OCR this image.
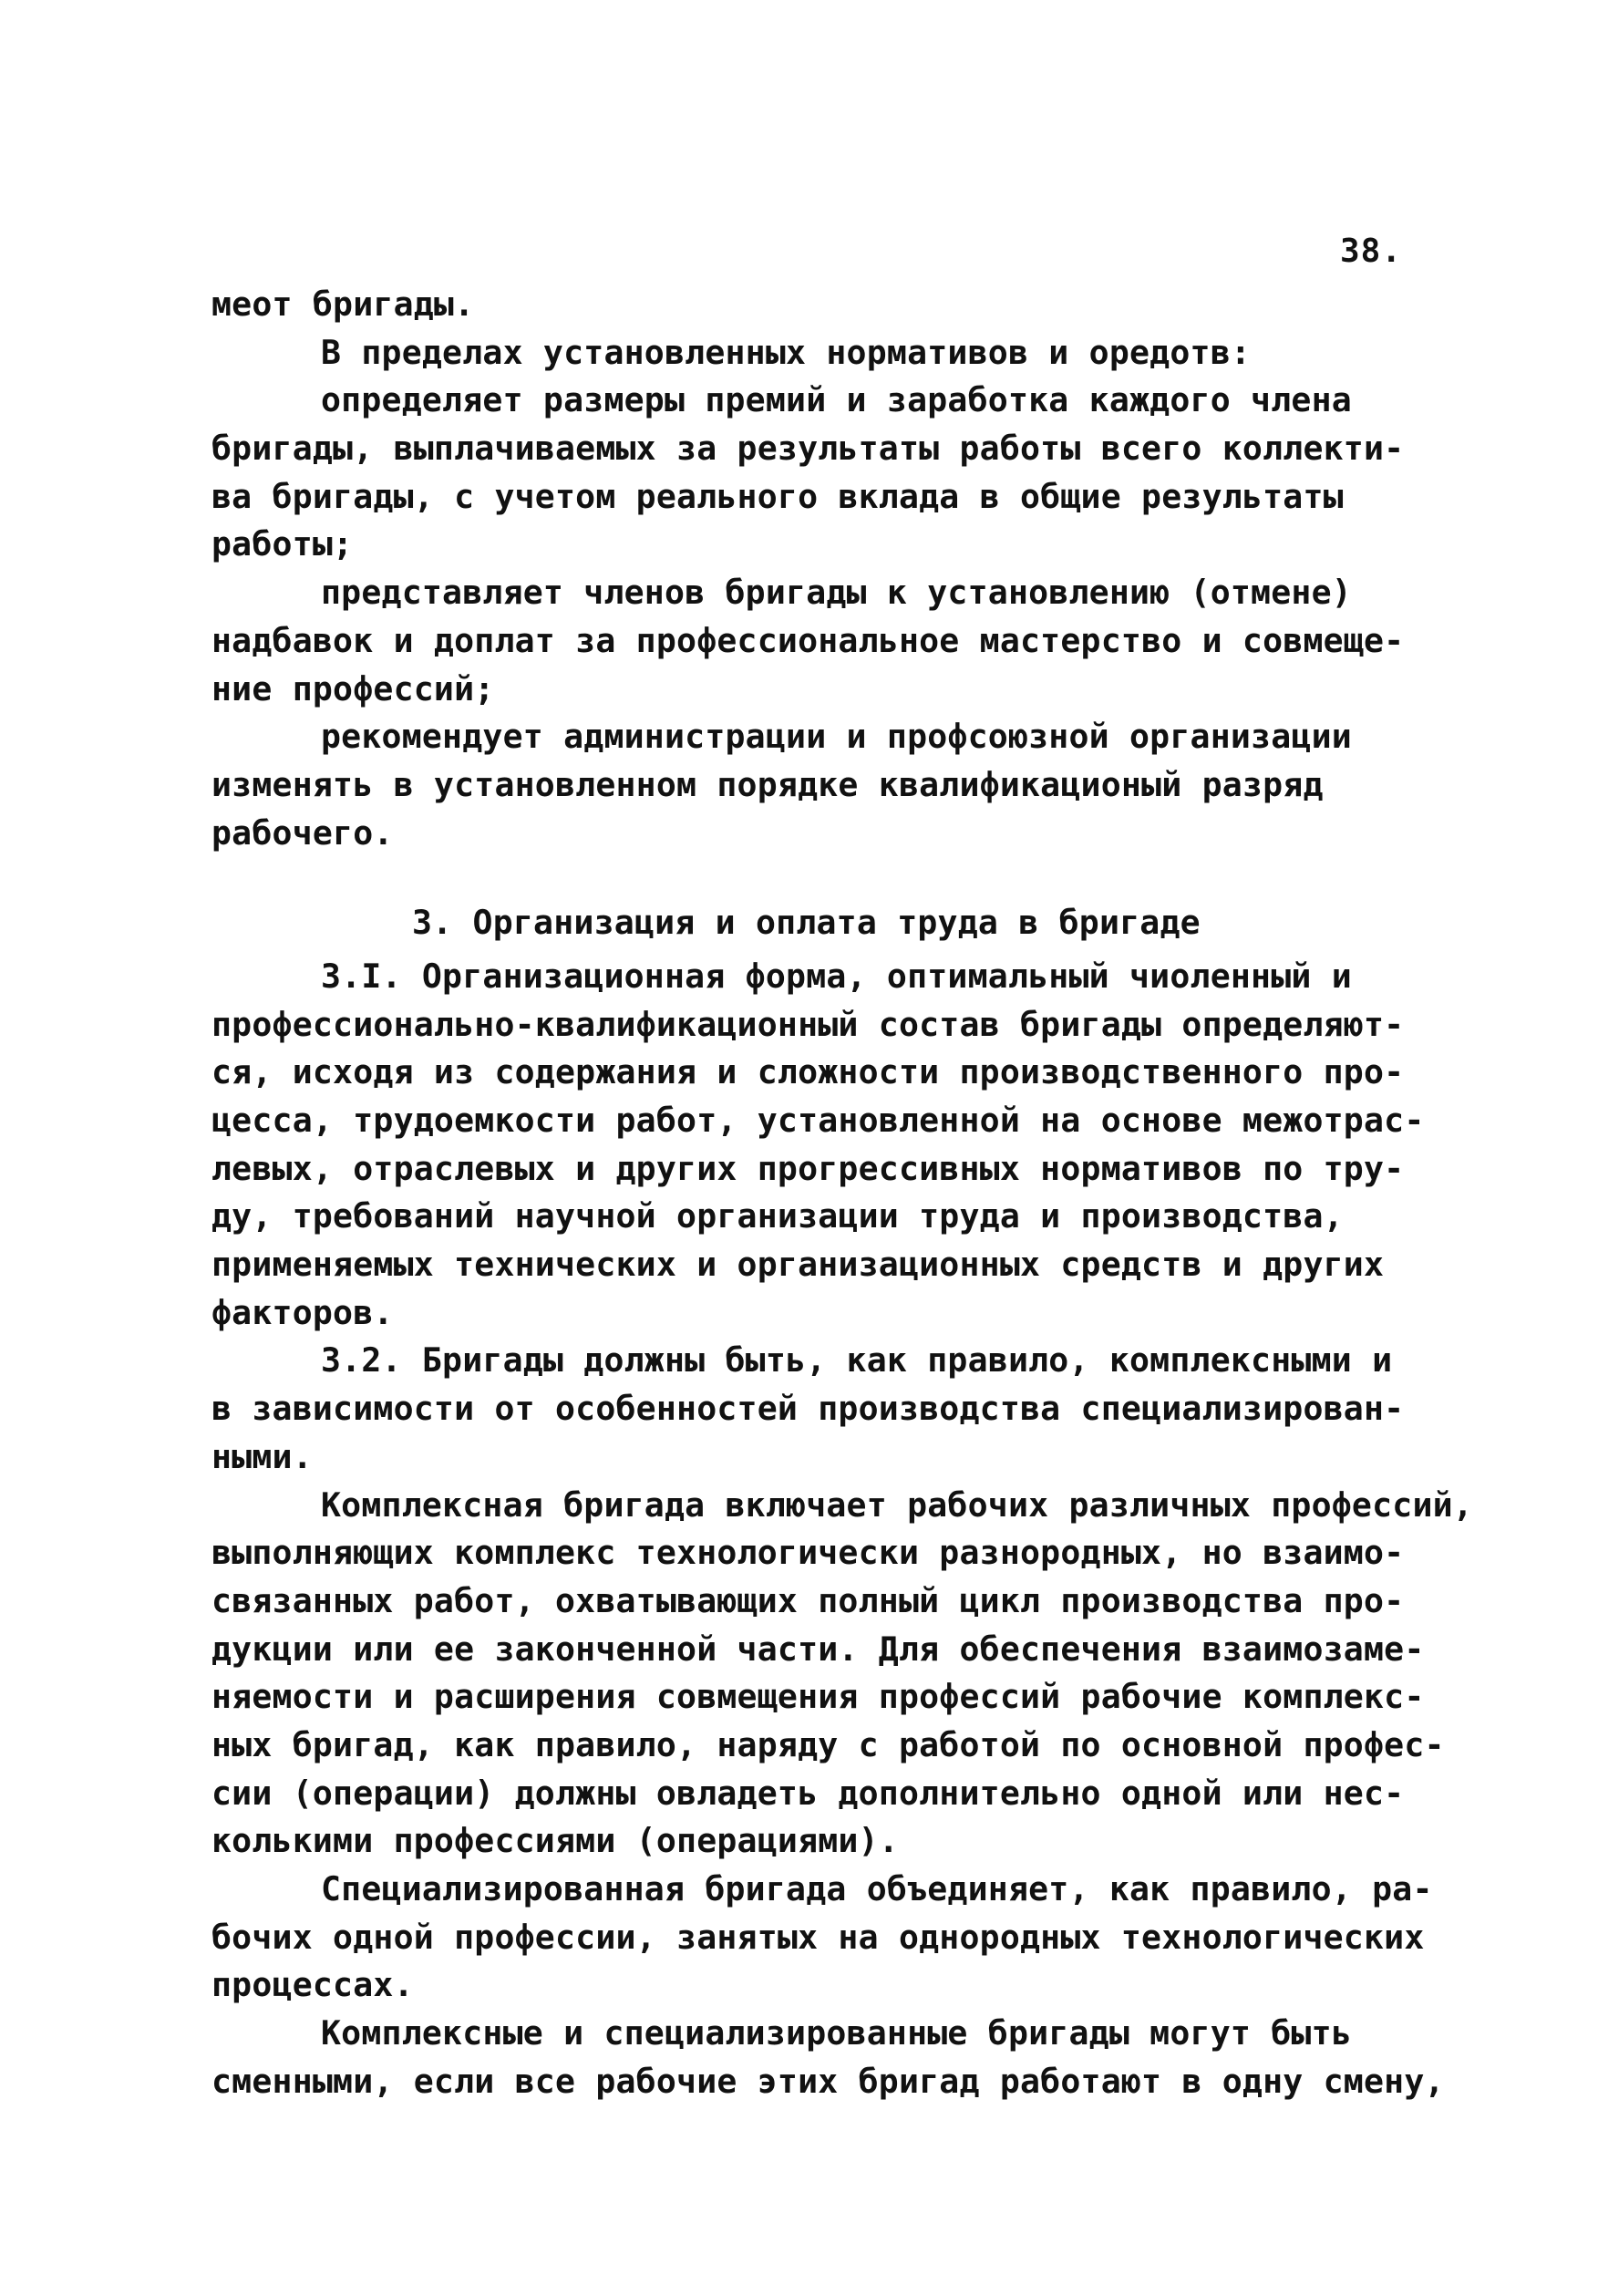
38.
меот бригады.
В пределах установленных нормативов и оредотв:
определяет размеры премий и заработка каждого члена
бригады, выплачиваемых за результаты работы всего коллекти-
ва бригады, с учетом реального вклада в общие результаты
работы;
представляет членов бригады к установлению (отмене)
надбавок и доплат за профессиональное мастерство и совмеще-
ние профессий;
рекомендует администрации и профсоюзной организации
изменять в установленном порядке квалификационый разряд
рабочего.
3. Организация и оплата труда в бригаде
3.I. Организационная форма, оптимальный чиоленный и
профессионально-квалификационный состав бригады определяют-
ся, исходя из содержания и сложности производственного про-
цесса, трудоемкости работ, установленной на основе межотрас-
левых, отраслевых и других прогрессивных нормативов по тру-
ду, требований научной организации труда и производства,
применяемых технических и организационных средств и других
факторов.
3.2. Бригады должны быть, как правило, комплексными и
в зависимости от особенностей производства специализирован-
ными.
Комплексная бригада включает рабочих различных профессий,
выполняющих комплекс технологически разнородных, но взаимо-
связанных работ, охватывающих полный цикл производства про-
дукции или ее законченной части. Для обеспечения взаимозаме-
няемости и расширения совмещения профессий рабочие комплекс-
ных бригад, как правило, наряду с работой по основной профес-
сии (операции) должны овладеть дополнительно одной или нес-
колькими профессиями (операциями).
Специализированная бригада объединяет, как правило, ра-
бочих одной профессии, занятых на однородных технологических
процессах.
Комплексные и специализированные бригады могут быть
сменными, если все рабочие этих бригад работают в одну смену,
